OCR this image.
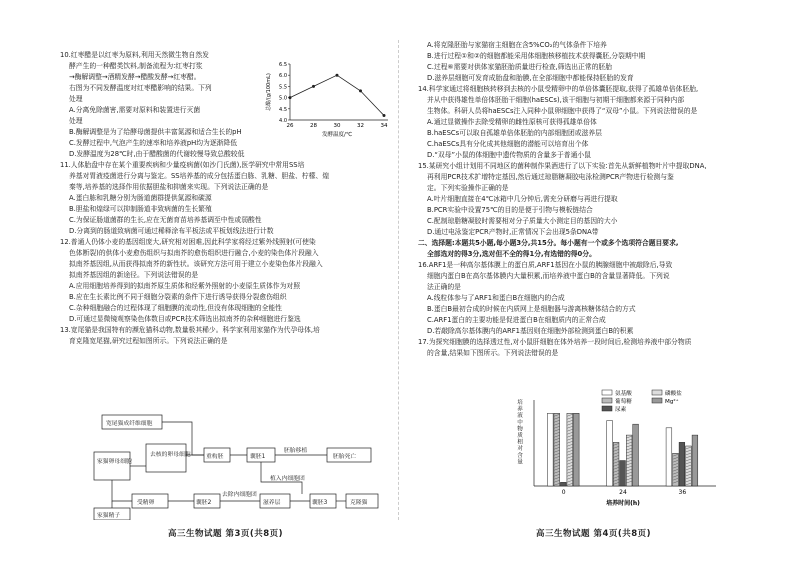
10.红枣醋是以红枣为原料,利用天然微生物自然发

酵产生的一种醋类饮料,制备流程为:红枣打浆

→酶解调整→酒精发酵→醋酸发酵→红枣醋。

右图为不同发酵温度对红枣醋影响的结果。下列

处理

A.分离免除菌害,需要对原料和装置进行灭菌

处理

B.酶解调整是为了给酵母菌提供丰富氮源和适合生长的pH

C.发酵过程中,气泡产生的速率和培养液pH均为逐渐降低

D.发酵温度为28℃时,由于醋酸菌的代谢较慢导致总酸较低

11.人体胎盘中存在某个重要疾病和少量疫病菌(如沙门氏菌),医学研究中常用SS培

养基对胃液疫菌进行分离与鉴定。SS培养基的成分包括蛋白胨、乳糖、胆盐、柠檬、煌

秦等,培养基的选择作用依据胆盐和抑菌来实现。下列说法正确的是

A.蛋白胨和乳糖分别为肠道菌群提供氮源和碳源

B.胆盐和煌绿可以抑制肠道非致病菌的生长繁殖

C.为保证肠道菌群的生长,应在无菌育苗培养基调至中性或弱酸性

D.分离到的肠道致病菌可通过稀释涂布平板法或平板划线法进行计数

12.普通人仍体小麦的基因组庞大,研究相对困难,因此科学家将经过紫外线照射(可使染

色体断裂)的供体小麦愈伤组织与拟南芥的愈伤组织进行融合,小麦的染色体片段融入

拟南芥基因组,从而获得拟南芥的新性状。该研究方法可用于建立小麦染色体片段融入

拟南芥基因组的新途径。下列说法错误的是

A.应用细胞培养得到的拟南芥原生质体和经紫外照射的小麦原生质体作为对照

B.应在生长素比例不同于细胞分裂素的条件下进行诱导获得分裂愈伤组织

C.杂种细胞融合的过程体现了细胞膜的流动性,但没有体现细胞的全能性

D.可通过显微镜观察染色体数目或PCR技术筛选出拟南芥的杂种细胞进行鉴选

13.宽尾猫是我国特有的濒危猫科动物,数量极其稀少。科学家利用家猫作为代孕母体,培

育克隆宽尾猫,研究过程如图所示。下列说法正确的是

4.0
4.5
5.0
5.5
6.0
6.5
26	28	30	32	34
发酵温度/℃
总酸/(g/100mL)
宽尾猫成纤维细胞
家猫卵母细胞
去核的卵母细胞	重构胚	囊胚1
胚胎移植
胚胎死亡
受精卵	囊胚2
去除内细胞团
滋养层
植入内细胞团
囊胚3	克隆猫
家猫精子
高三生物试题 第3页(共8页)

A.将克隆胚胎与家猫宿主细胞在含5%CO₂的气体条件下培养

B.进行过程①和②的细胞都能采用体细胞核移植技术获得囊胚,分裂期中期

C.过程⑥需要对供体家猫胚胎质量进行检查,筛选出正常的胚胎

D.滋养层细胞可发育成胎盘和胎膜,在全部细胞中都能保持胚胎的发育

14.科学家通过将细胞核转移到去核的小鼠受精卵中的单倍体囊胚提取,获得了孤雄单倍体胚胎,

并从中获得雄性单倍体胚胎干细胞(haESCs),该干细胞与初期干细胞都来源于同种内部

生物体。科研人员将haESCs注入同种小鼠卵细胞中获得了“双母”小鼠。下列说法错误的是

A.通过显微操作去除受精卵的雌性原核可获得孤雄单倍体

B.haESCs可以取自孤雄单倍体胚胎的内部细胞团或滋养层

C.haESCs具有分化成其他细胞的潜能可以培育出个体

D.“双母”小鼠的体细胞中遗传物质的含量多于普通小鼠

15.某研究小组计划用不同地区的菌种制作果酒进行了以下实验:首先从新鲜植物叶片中提取DNA,

再利用PCR技术扩增特定基因,然后通过琼脂糖凝胶电泳检测PCR产物进行检测与鉴

定。下列实验操作正确的是

A.叶片细胞直接在4℃冰箱中几分钟后,需充分研磨与再进行提取

B.PCR实验中设置75℃的目的是便于引物与模板链结合

C.配制琼脂糖凝胶时需要相对分子质量大小测定目的基因的大小

D.通过电泳鉴定PCR产物时,正常情况下会出现5条DNA带

二、选择题:本题共5小题,每小题3分,共15分。每小题有一个或多个选项符合题目要求,

全部选对的得3分,选对但不全的得1分,有选错的得0分。

16.ARF1是一种高尔基体膜上的蛋白质,ARF1基因在小鼠的胰腺细胞中被敲除后,导致

细胞内蛋白B在高尔基体膜内大量积累,而培养液中蛋白B的含量显著降低。下列说

法正确的是

A.线粒体参与了ARF1和蛋白B在细胞内的合成

B.蛋白B最初合成的时候在内质网上是细胞器与游离核糖体结合的方式

C.ARF1蛋白的主要功能是促进蛋白B在细胞质内的正常合成

D.若敲除高尔基体膜内的ARF1基因则在细胞外部检测到蛋白B的积累

17.为探究细胞膜的选择透过性,对小鼠肝细胞在体外培养一段时间后,检测培养液中部分物质

的含量,结果如下图所示。下列说法错误的是

0	24	36
培养时间(h)
培
养
液
中
物
质
相
对
含
量
氨基酸
葡萄糖
尿素
磷酸盐
Mg²⁺
高三生物试题 第4页(共8页)
